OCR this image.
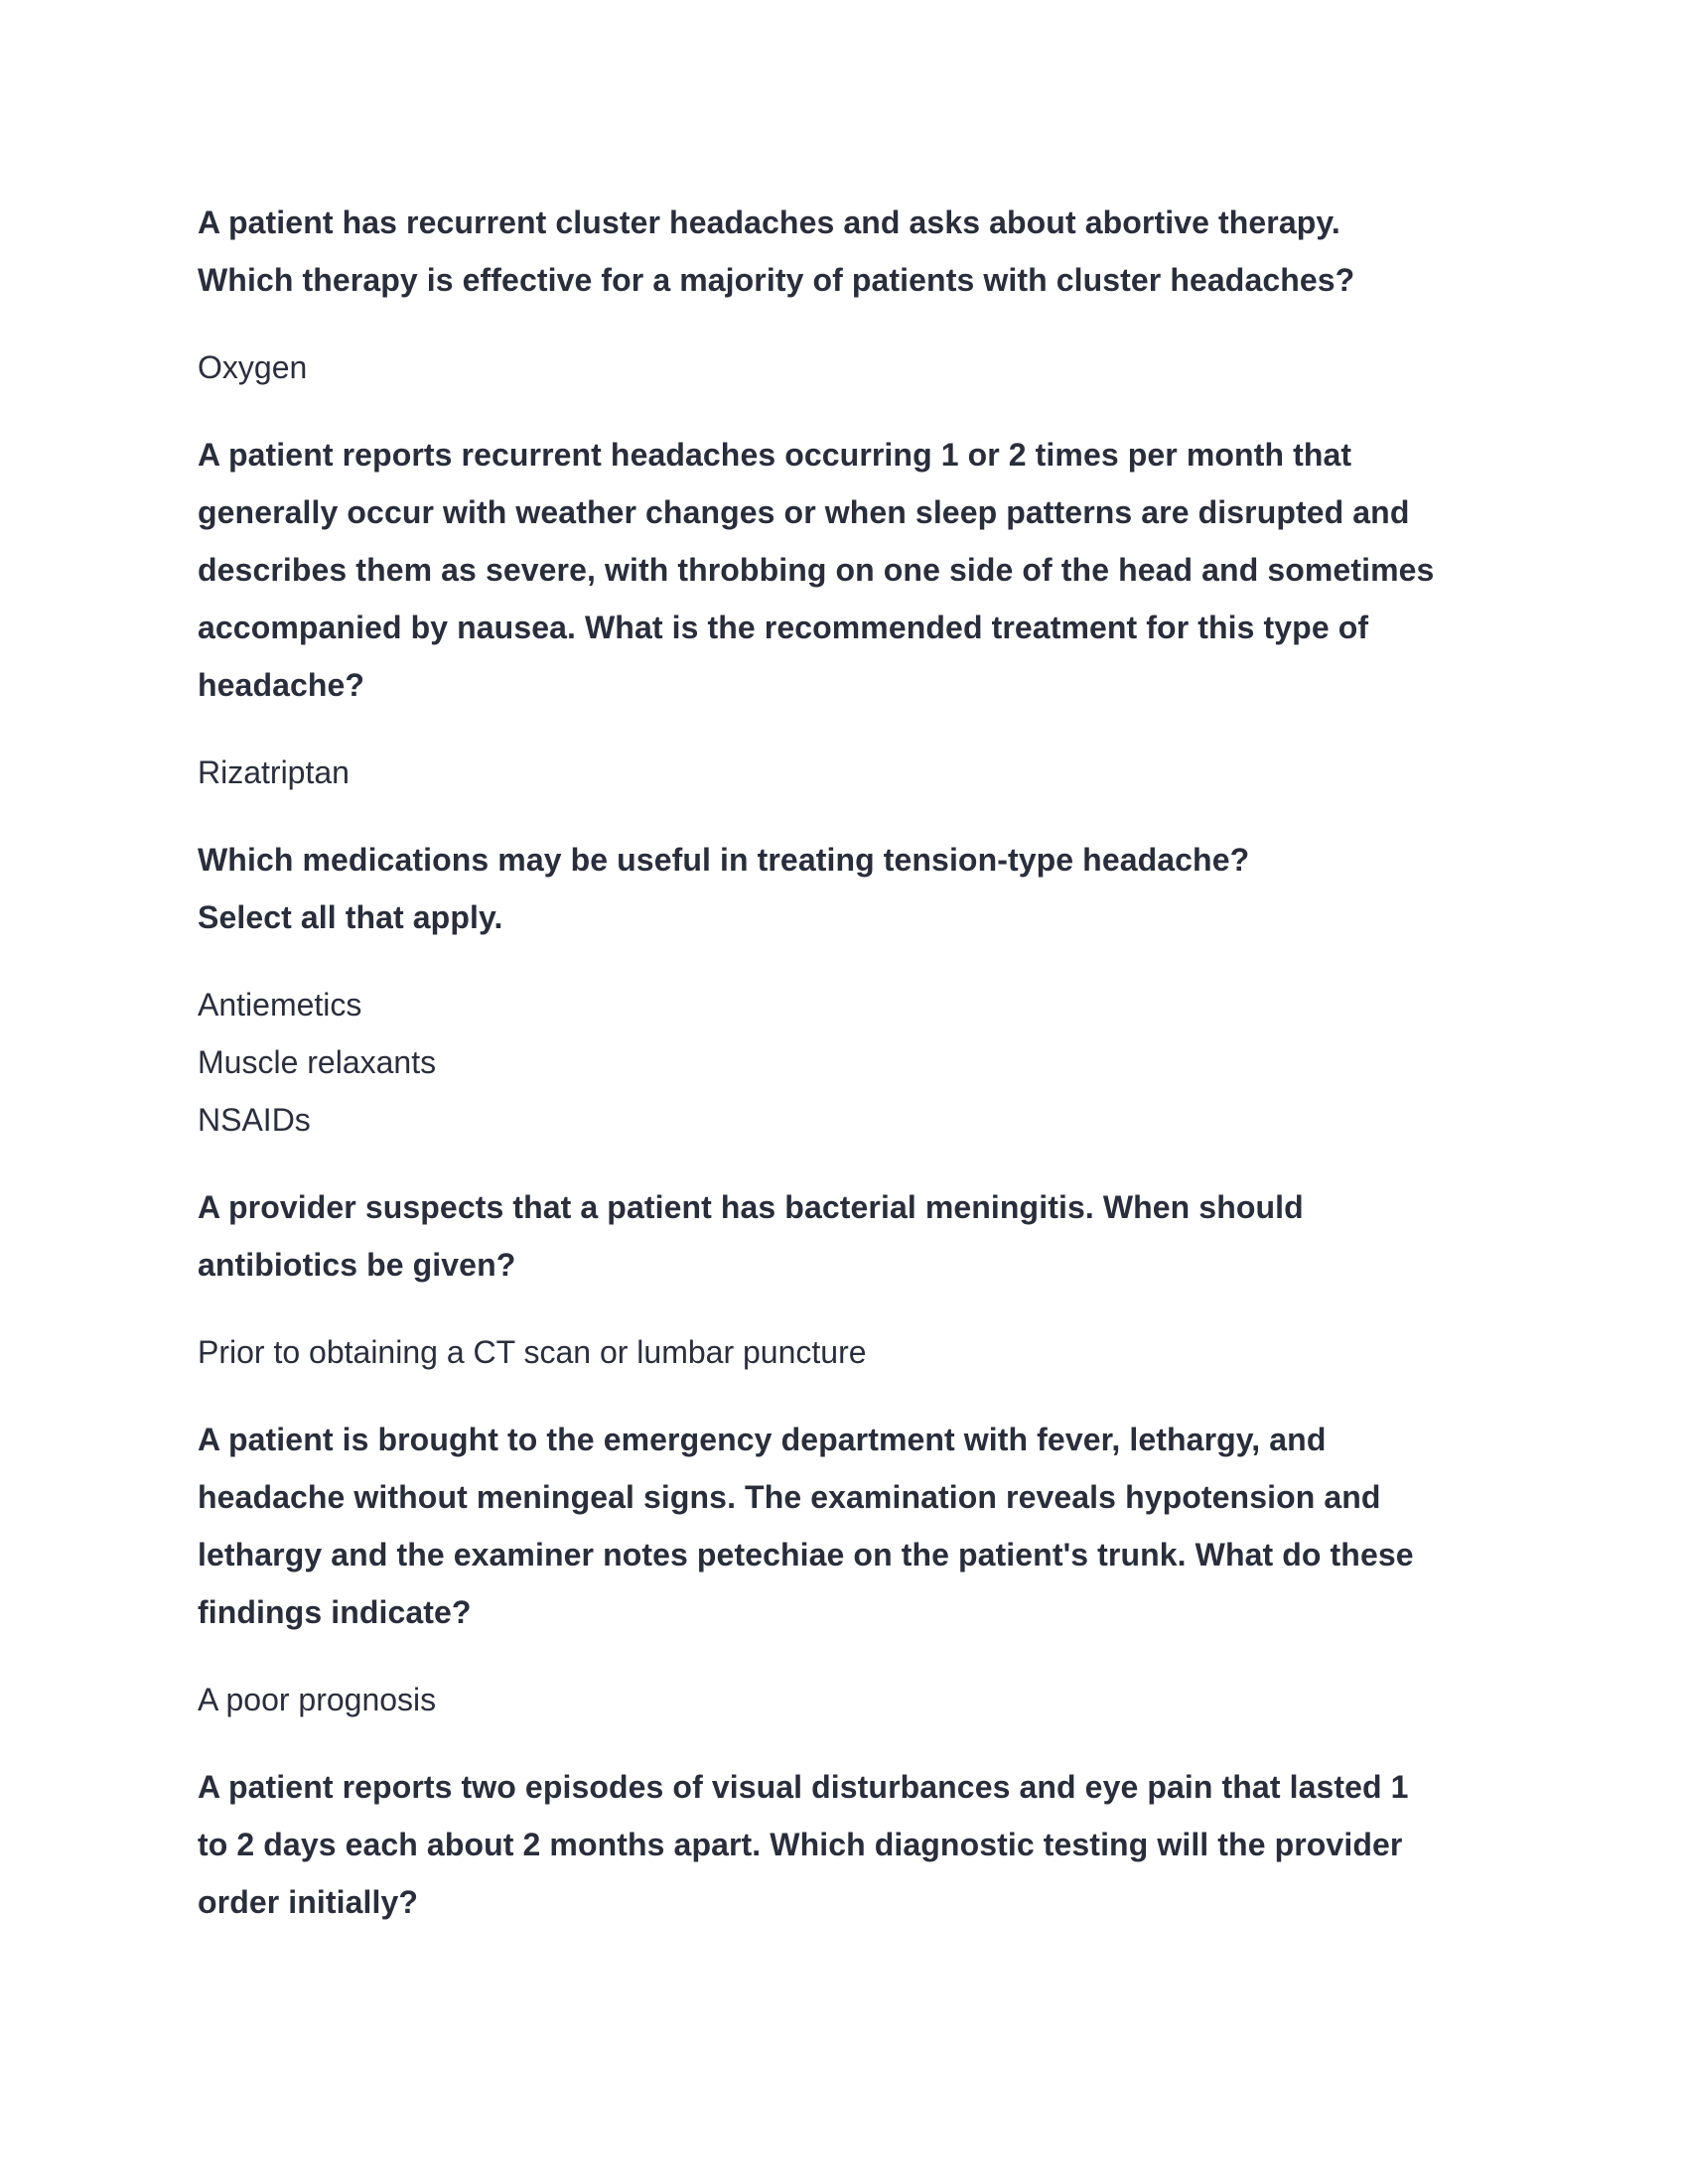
A patient has recurrent cluster headaches and asks about abortive therapy.
Which therapy is effective for a majority of patients with cluster headaches?
Oxygen
A patient reports recurrent headaches occurring 1 or 2 times per month that
generally occur with weather changes or when sleep patterns are disrupted and
describes them as severe, with throbbing on one side of the head and sometimes
accompanied by nausea. What is the recommended treatment for this type of
headache?
Rizatriptan
Which medications may be useful in treating tension-type headache?
Select all that apply.
Antiemetics
Muscle relaxants
NSAIDs
A provider suspects that a patient has bacterial meningitis. When should
antibiotics be given?
Prior to obtaining a CT scan or lumbar puncture
A patient is brought to the emergency department with fever, lethargy, and
headache without meningeal signs. The examination reveals hypotension and
lethargy and the examiner notes petechiae on the patient's trunk. What do these
findings indicate?
A poor prognosis
A patient reports two episodes of visual disturbances and eye pain that lasted 1
to 2 days each about 2 months apart. Which diagnostic testing will the provider
order initially?
